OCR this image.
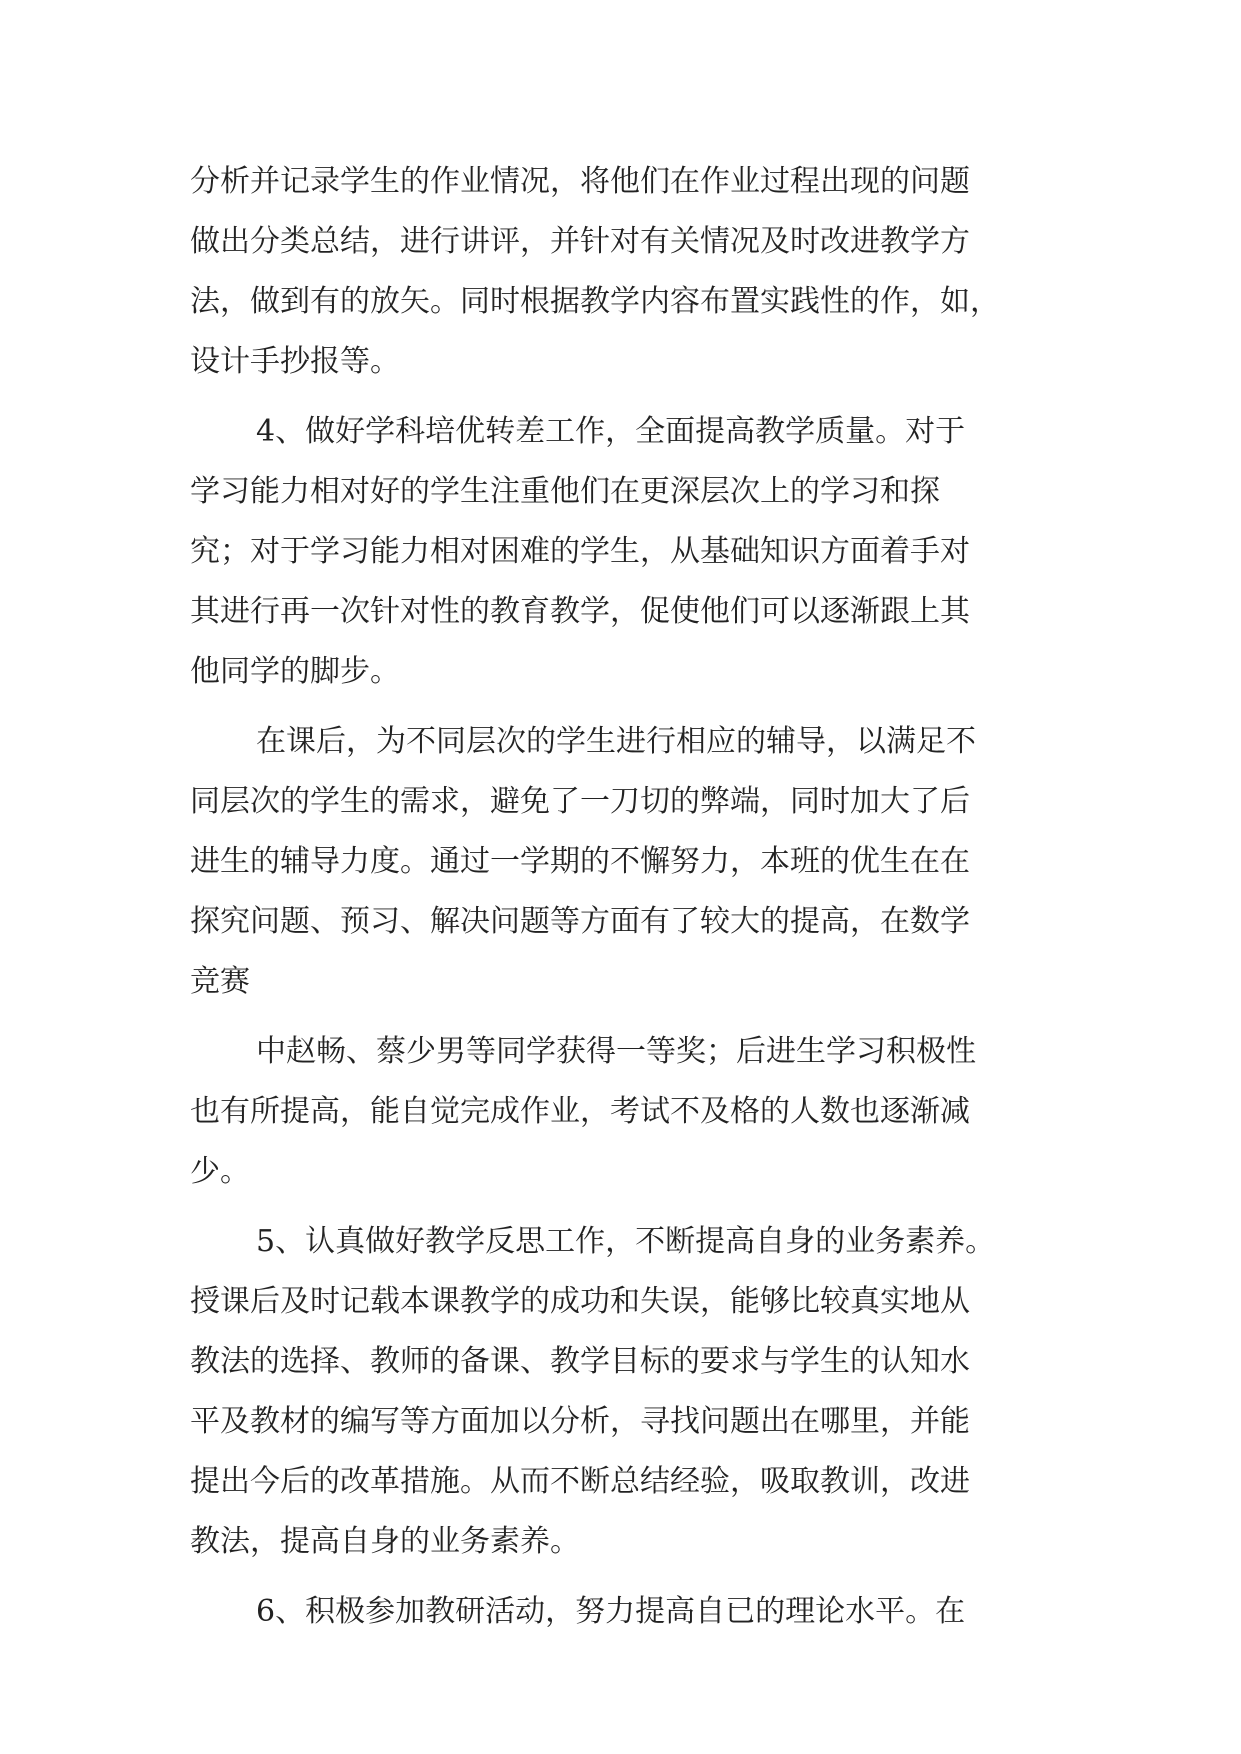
分析并记录学生的作业情况，将他们在作业过程出现的问题
做出分类总结，进行讲评，并针对有关情况及时改进教学方
法，做到有的放矢。同时根据教学内容布置实践性的作，如，
设计手抄报等。
4、做好学科培优转差工作，全面提高教学质量。对于
学习能力相对好的学生注重他们在更深层次上的学习和探
究；对于学习能力相对困难的学生，从基础知识方面着手对
其进行再一次针对性的教育教学，促使他们可以逐渐跟上其
他同学的脚步。
在课后，为不同层次的学生进行相应的辅导，以满足不
同层次的学生的需求，避免了一刀切的弊端，同时加大了后
进生的辅导力度。通过一学期的不懈努力，本班的优生在在
探究问题、预习、解决问题等方面有了较大的提高，在数学
竞赛
中赵畅、蔡少男等同学获得一等奖；后进生学习积极性
也有所提高，能自觉完成作业，考试不及格的人数也逐渐减
少。
5、认真做好教学反思工作，不断提高自身的业务素养。
授课后及时记载本课教学的成功和失误，能够比较真实地从
教法的选择、教师的备课、教学目标的要求与学生的认知水
平及教材的编写等方面加以分析，寻找问题出在哪里，并能
提出今后的改革措施。从而不断总结经验，吸取教训，改进
教法，提高自身的业务素养。
6、积极参加教研活动，努力提高自已的理论水平。在
